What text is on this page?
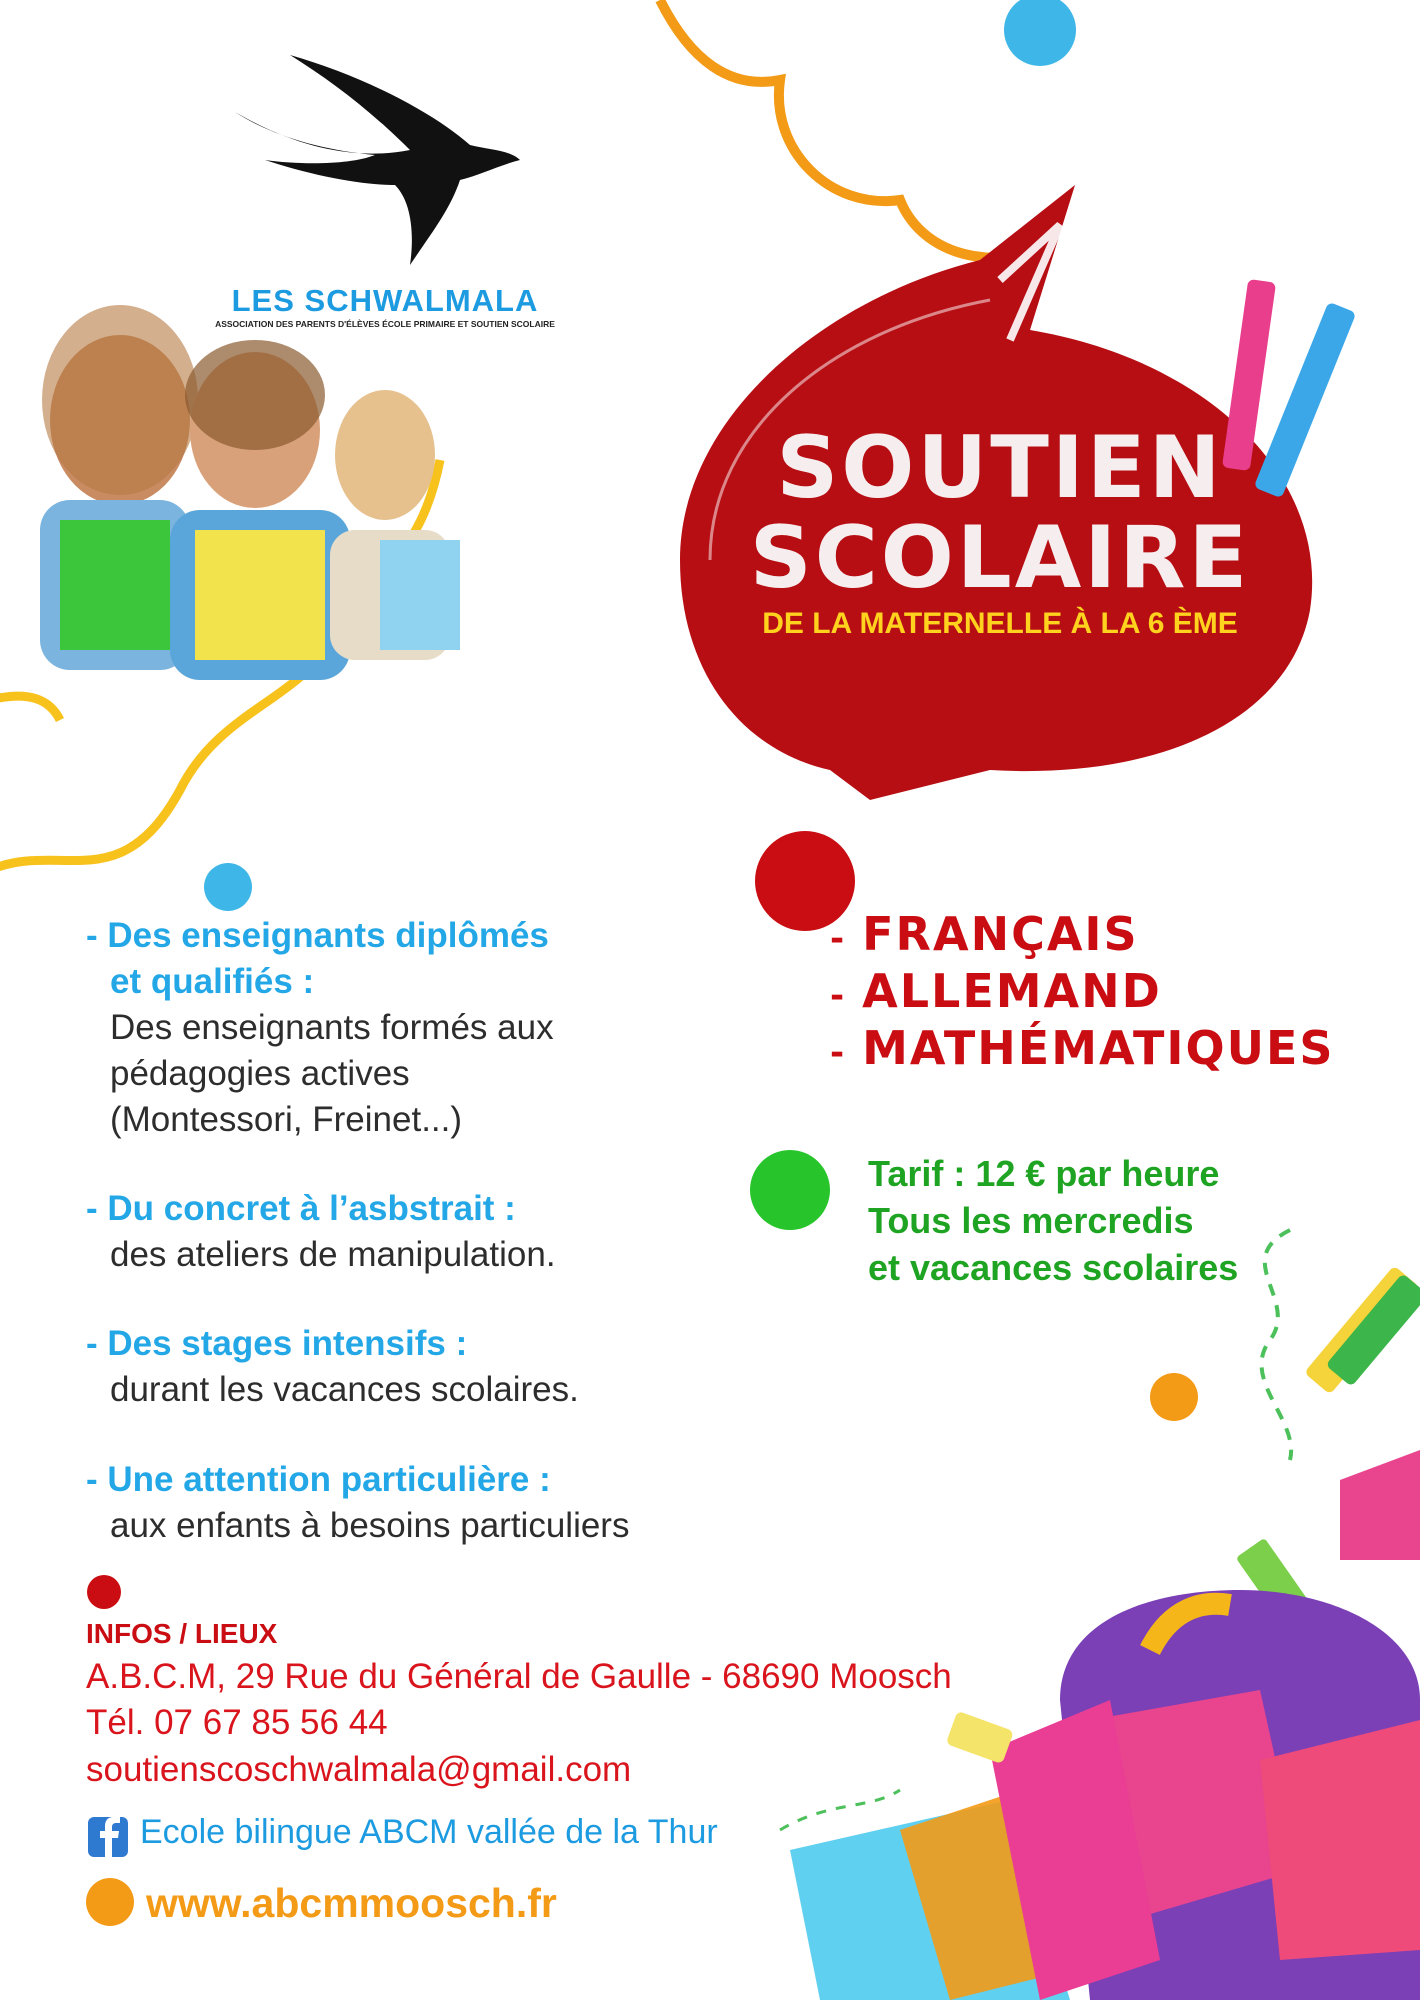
LES SCHWALMALA
ASSOCIATION DES PARENTS D'ÉLÈVES ÉCOLE PRIMAIRE ET SOUTIEN SCOLAIRE
SOUTIEN
SCOLAIRE
DE LA MATERNELLE À LA 6 ÈME
- Des enseignants diplômés
et qualifiés :
Des enseignants formés aux
pédagogies actives
(Montessori, Freinet...)
- Du concret à l’asbstrait :
des ateliers de manipulation.
- Des stages intensifs :
durant les vacances scolaires.
- Une attention particulière :
aux enfants à besoins particuliers
- FRANÇAIS
- ALLEMAND
- MATHÉMATIQUES
Tarif : 12 € par heure
Tous les mercredis
et vacances scolaires
INFOS / LIEUX
A.B.C.M, 29 Rue du Général de Gaulle - 68690 Moosch
Tél. 07 67 85 56 44
soutienscoschwalmala@gmail.com
Ecole bilingue ABCM vallée de la Thur
www.abcmmoosch.fr
